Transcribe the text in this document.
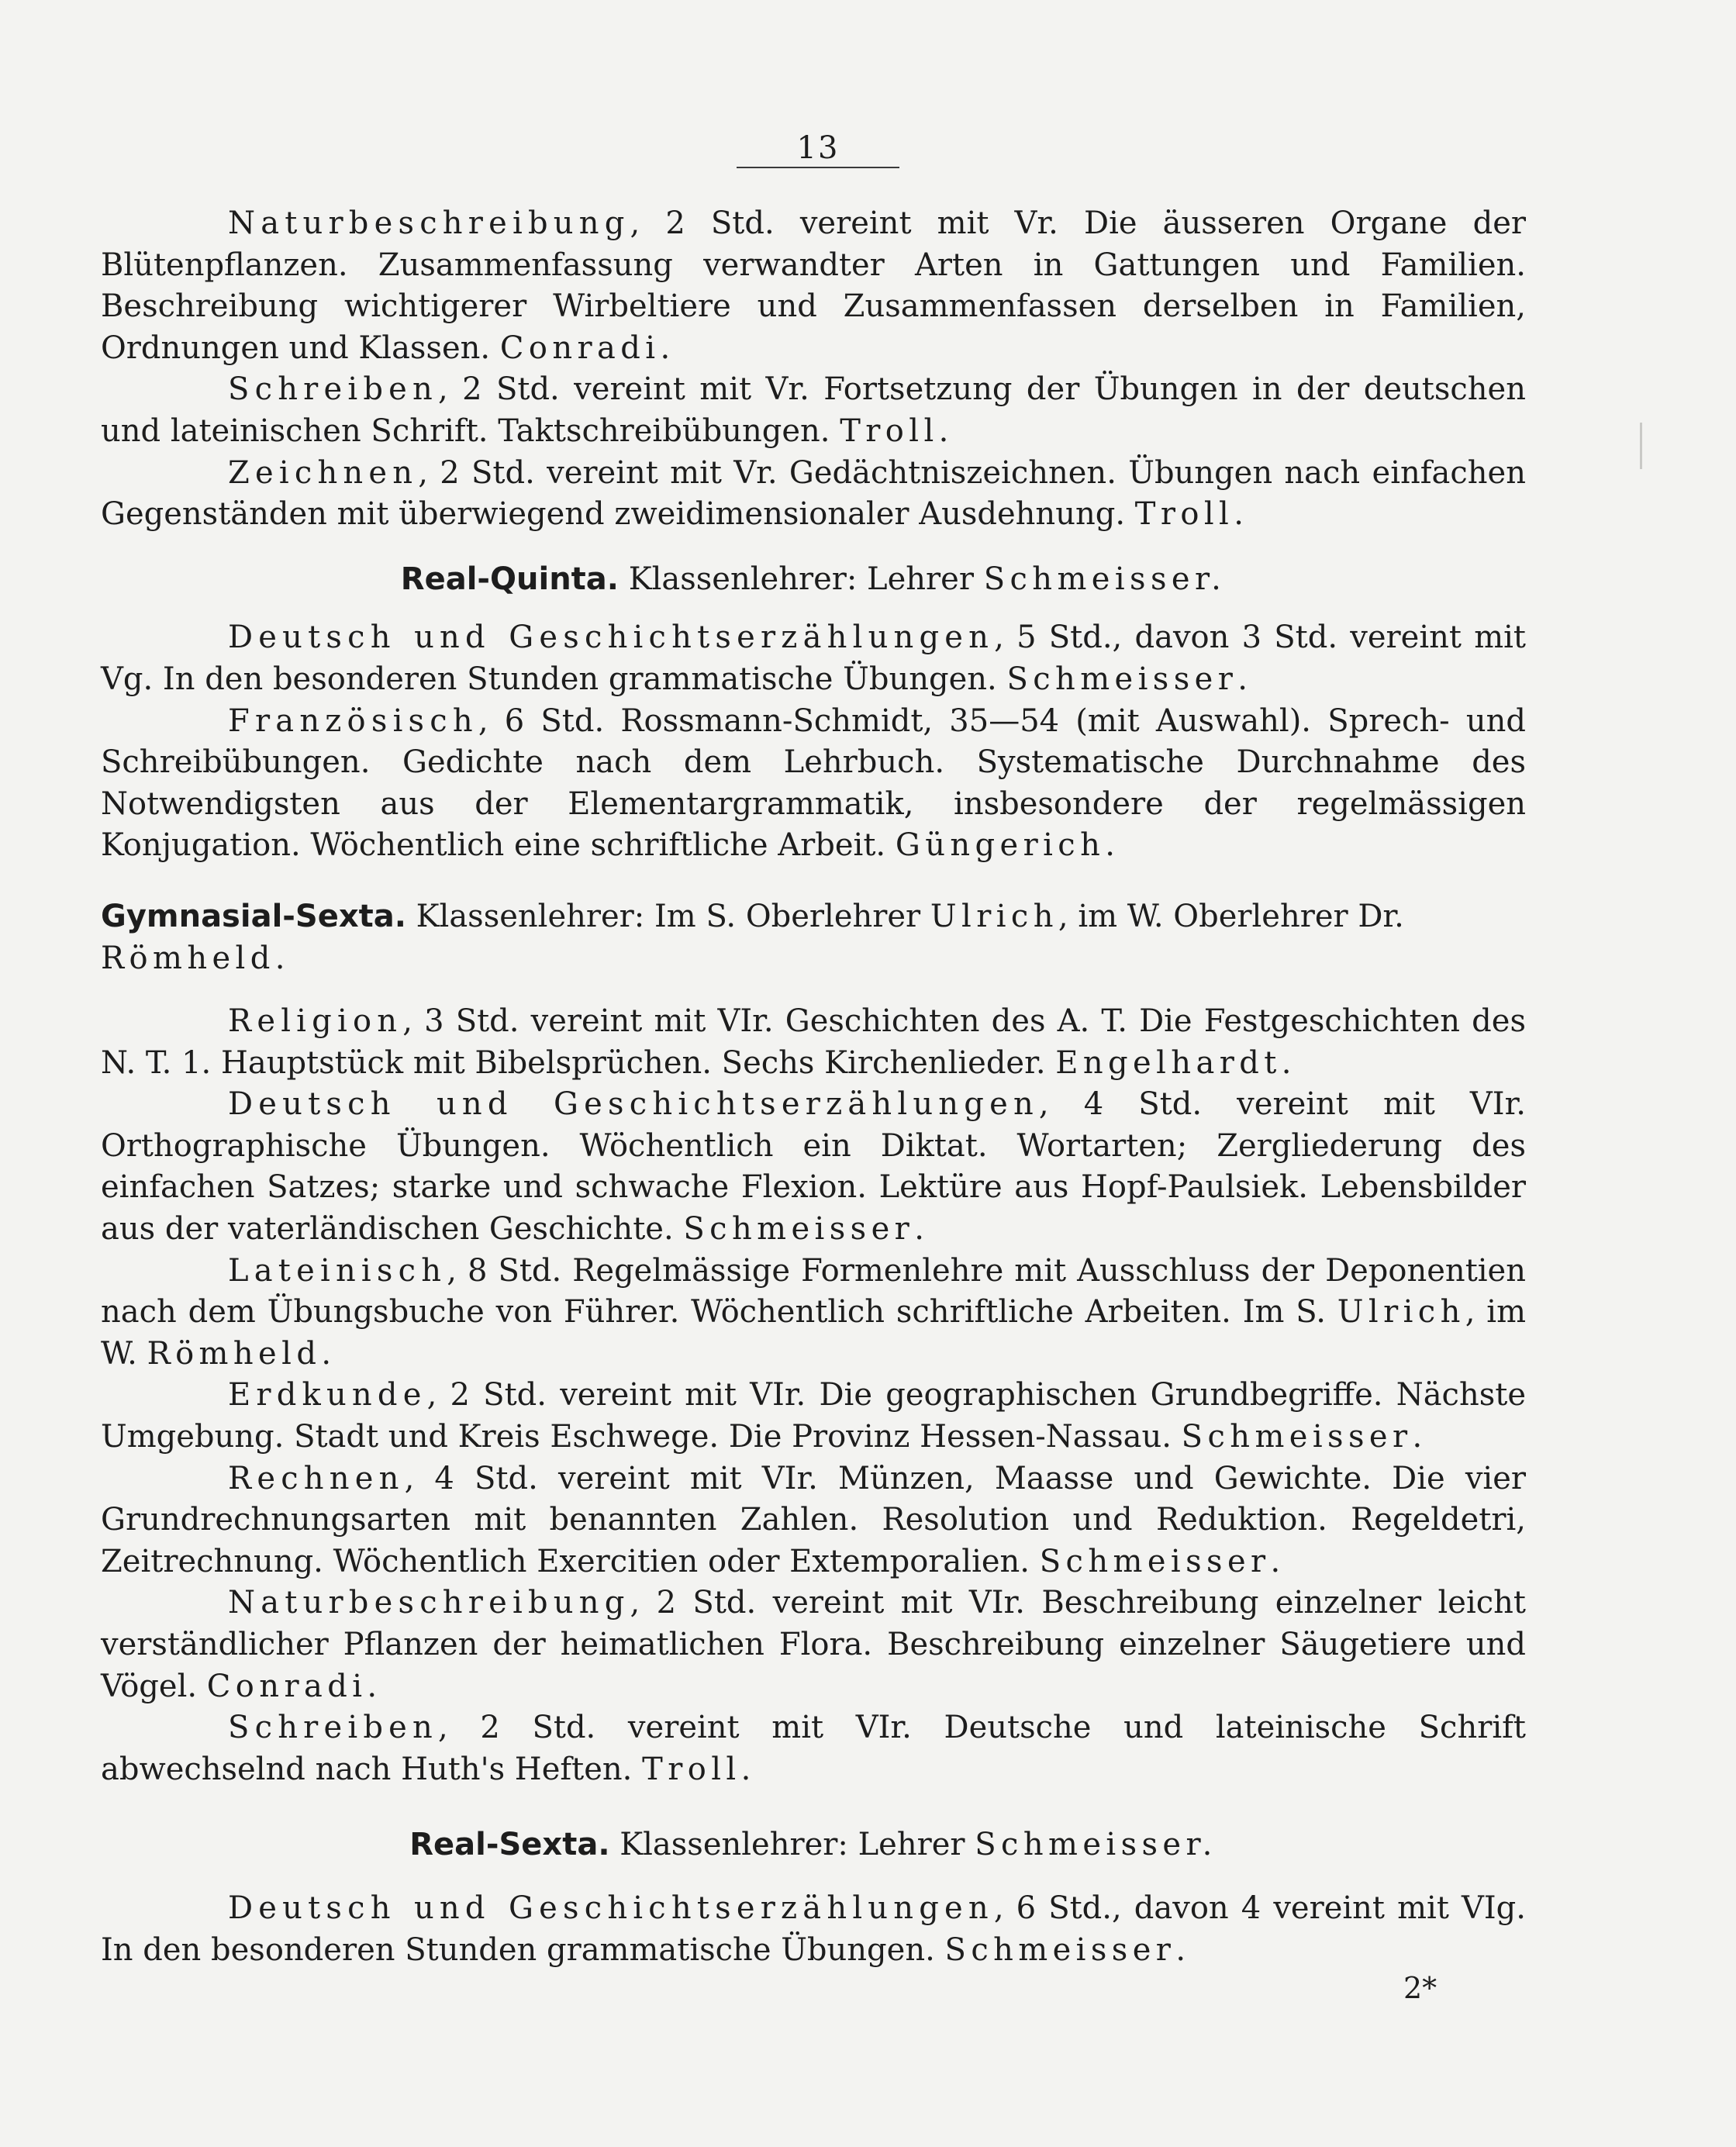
13

Naturbeschreibung, 2 Std. vereint mit Vr. Die äusseren Organe der Blütenpflanzen. Zusammenfassung verwandter Arten in Gattungen und Familien. Beschreibung wichtigerer Wirbeltiere und Zusammenfassen derselben in Familien, Ordnungen und Klassen. Conradi.

Schreiben, 2 Std. vereint mit Vr. Fortsetzung der Übungen in der deutschen und lateinischen Schrift. Taktschreibübungen. Troll.

Zeichnen, 2 Std. vereint mit Vr. Gedächtniszeichnen. Übungen nach einfachen Gegenständen mit überwiegend zweidimensionaler Ausdehnung. Troll.

Real-Quinta. Klassenlehrer: Lehrer Schmeisser.

Deutsch und Geschichtserzählungen, 5 Std., davon 3 Std. vereint mit Vg. In den besonderen Stunden grammatische Übungen. Schmeisser.

Französisch, 6 Std. Rossmann-Schmidt, 35—54 (mit Auswahl). Sprech- und Schreibübungen. Gedichte nach dem Lehrbuch. Systematische Durchnahme des Notwendigsten aus der Elementargrammatik, insbesondere der regelmässigen Konjugation. Wöchentlich eine schriftliche Arbeit. Güngerich.

Gymnasial-Sexta. Klassenlehrer: Im S. Oberlehrer Ulrich, im W. Oberlehrer Dr. Römheld.

Religion, 3 Std. vereint mit VIr. Geschichten des A. T. Die Festgeschichten des N. T. 1. Hauptstück mit Bibelsprüchen. Sechs Kirchenlieder. Engelhardt.

Deutsch und Geschichtserzählungen, 4 Std. vereint mit VIr. Orthographische Übungen. Wöchentlich ein Diktat. Wortarten; Zergliederung des einfachen Satzes; starke und schwache Flexion. Lektüre aus Hopf-Paulsiek. Lebensbilder aus der vaterländischen Geschichte. Schmeisser.

Lateinisch, 8 Std. Regelmässige Formenlehre mit Ausschluss der Deponentien nach dem Übungsbuche von Führer. Wöchentlich schriftliche Arbeiten. Im S. Ulrich, im W. Römheld.

Erdkunde, 2 Std. vereint mit VIr. Die geographischen Grundbegriffe. Nächste Umgebung. Stadt und Kreis Eschwege. Die Provinz Hessen-Nassau. Schmeisser.

Rechnen, 4 Std. vereint mit VIr. Münzen, Maasse und Gewichte. Die vier Grundrechnungsarten mit benannten Zahlen. Resolution und Reduktion. Regeldetri, Zeitrechnung. Wöchentlich Exercitien oder Extemporalien. Schmeisser.

Naturbeschreibung, 2 Std. vereint mit VIr. Beschreibung einzelner leicht verständlicher Pflanzen der heimatlichen Flora. Beschreibung einzelner Säugetiere und Vögel. Conradi.

Schreiben, 2 Std. vereint mit VIr. Deutsche und lateinische Schrift abwechselnd nach Huth's Heften. Troll.

Real-Sexta. Klassenlehrer: Lehrer Schmeisser.

Deutsch und Geschichtserzählungen, 6 Std., davon 4 vereint mit VIg. In den besonderen Stunden grammatische Übungen. Schmeisser.

2*
